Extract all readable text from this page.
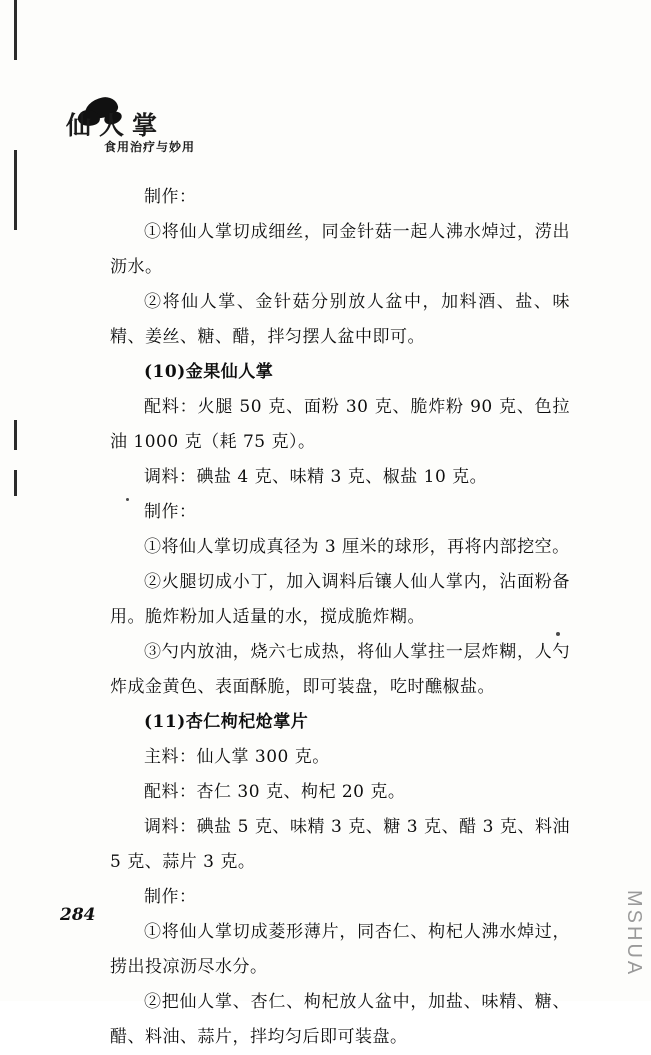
仙人掌
食用治疗与妙用

制作：

①将仙人掌切成细丝，同金针菇一起人沸水焯过，涝出沥水。

②将仙人掌、金针菇分别放人盆中，加料酒、盐、味精、姜丝、糖、醋，拌匀摆人盆中即可。

(10)金果仙人掌

配料：火腿 50 克、面粉 30 克、脆炸粉 90 克、色拉油 1000 克（耗 75 克）。

调料：碘盐 4 克、味精 3 克、椒盐 10 克。

制作：

①将仙人掌切成真径为 3 厘米的球形，再将内部挖空。

②火腿切成小丁，加入调料后镶人仙人掌内，沾面粉备用。脆炸粉加人适量的水，搅成脆炸糊。

③勺内放油，烧六七成热，将仙人掌拄一层炸糊，人勺炸成金黄色、表面酥脆，即可装盘，吃时醮椒盐。

(11)杏仁枸杞炝掌片

主料：仙人掌 300 克。

配料：杏仁 30 克、枸杞 20 克。

调料：碘盐 5 克、味精 3 克、糖 3 克、醋 3 克、料油 5 克、蒜片 3 克。

制作：

①将仙人掌切成菱形薄片，同杏仁、枸杞人沸水焯过，捞出投凉沥尽水分。

②把仙人掌、杏仁、枸杞放人盆中，加盐、味精、糖、醋、料油、蒜片，拌均匀后即可装盘。

284	MSHUA
